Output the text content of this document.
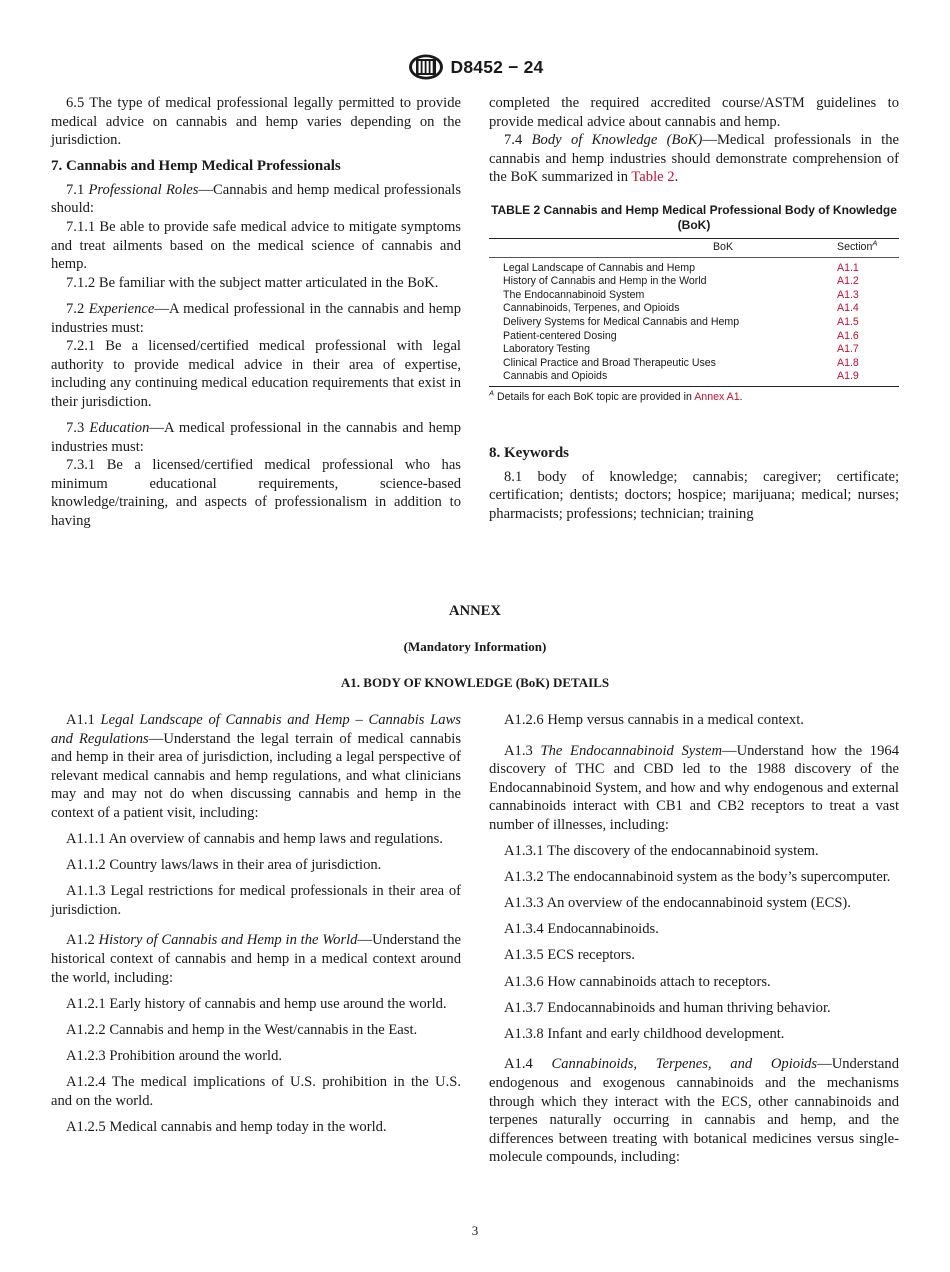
D8452 − 24

6.5 The type of medical professional legally permitted to provide medical advice on cannabis and hemp varies depending on the jurisdiction.

7. Cannabis and Hemp Medical Professionals

7.1 Professional Roles—Cannabis and hemp medical professionals should:

7.1.1 Be able to provide safe medical advice to mitigate symptoms and treat ailments based on the medical science of cannabis and hemp.

7.1.2 Be familiar with the subject matter articulated in the BoK.

7.2 Experience—A medical professional in the cannabis and hemp industries must:

7.2.1 Be a licensed/certified medical professional with legal authority to provide medical advice in their area of expertise, including any continuing medical education requirements that exist in their jurisdiction.

7.3 Education—A medical professional in the cannabis and hemp industries must:

7.3.1 Be a licensed/certified medical professional who has minimum educational requirements, science-based knowledge/training, and aspects of professionalism in addition to having

completed the required accredited course/ASTM guidelines to provide medical advice about cannabis and hemp.

7.4 Body of Knowledge (BoK)—Medical professionals in the cannabis and hemp industries should demonstrate comprehension of the BoK summarized in Table 2.

TABLE 2 Cannabis and Hemp Medical Professional Body of Knowledge (BoK)
BoK	Section$^A$
Legal Landscape of Cannabis and Hemp	A1.1
History of Cannabis and Hemp in the World	A1.2
The Endocannabinoid System	A1.3
Cannabinoids, Terpenes, and Opioids	A1.4
Delivery Systems for Medical Cannabis and Hemp	A1.5
Patient-centered Dosing	A1.6
Laboratory Testing	A1.7
Clinical Practice and Broad Therapeutic Uses	A1.8
Cannabis and Opioids	A1.9
$^A$ Details for each BoK topic are provided in Annex A1.
8. Keywords

8.1 body of knowledge; cannabis; caregiver; certificate; certification; dentists; doctors; hospice; marijuana; medical; nurses; pharmacists; professions; technician; training

ANNEX
(Mandatory Information)
A1. BODY OF KNOWLEDGE (BoK) DETAILS

A1.1 Legal Landscape of Cannabis and Hemp – Cannabis Laws and Regulations—Understand the legal terrain of medical cannabis and hemp in their area of jurisdiction, including a legal perspective of relevant medical cannabis and hemp regulations, and what clinicians may and may not do when discussing cannabis and hemp in the context of a patient visit, including:

A1.1.1 An overview of cannabis and hemp laws and regulations.

A1.1.2 Country laws/laws in their area of jurisdiction.

A1.1.3 Legal restrictions for medical professionals in their area of jurisdiction.

A1.2 History of Cannabis and Hemp in the World—Understand the historical context of cannabis and hemp in a medical context around the world, including:

A1.2.1 Early history of cannabis and hemp use around the world.

A1.2.2 Cannabis and hemp in the West/cannabis in the East.

A1.2.3 Prohibition around the world.

A1.2.4 The medical implications of U.S. prohibition in the U.S. and on the world.

A1.2.5 Medical cannabis and hemp today in the world.

A1.2.6 Hemp versus cannabis in a medical context.

A1.3 The Endocannabinoid System—Understand how the 1964 discovery of THC and CBD led to the 1988 discovery of the Endocannabinoid System, and how and why endogenous and external cannabinoids interact with CB1 and CB2 receptors to treat a vast number of illnesses, including:

A1.3.1 The discovery of the endocannabinoid system.

A1.3.2 The endocannabinoid system as the body’s supercomputer.

A1.3.3 An overview of the endocannabinoid system (ECS).

A1.3.4 Endocannabinoids.

A1.3.5 ECS receptors.

A1.3.6 How cannabinoids attach to receptors.

A1.3.7 Endocannabinoids and human thriving behavior.

A1.3.8 Infant and early childhood development.

A1.4 Cannabinoids, Terpenes, and Opioids—Understand endogenous and exogenous cannabinoids and the mechanisms through which they interact with the ECS, other cannabinoids and terpenes naturally occurring in cannabis and hemp, and the differences between treating with botanical medicines versus single-molecule compounds, including:

3
